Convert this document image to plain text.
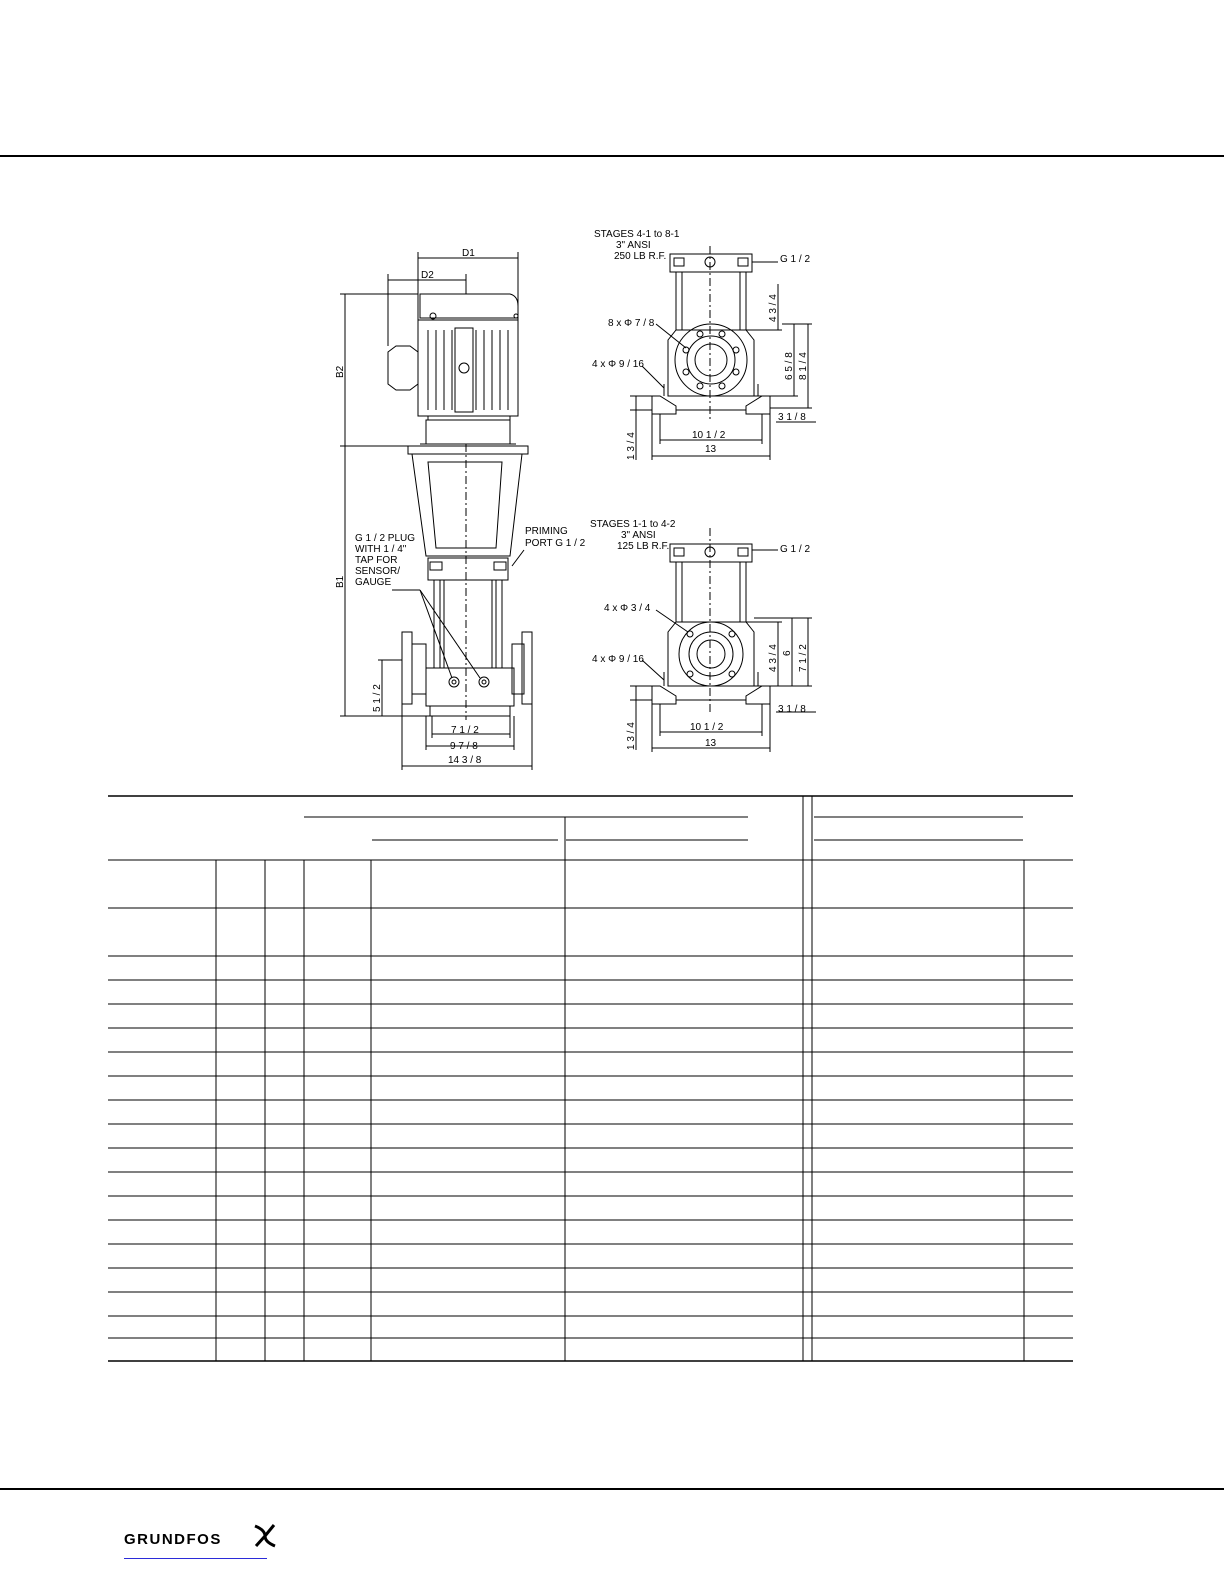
D1
D2
B2
B1
5 1 / 2
7 1 / 2
9 7 / 8
14 3 / 8
G 1 / 2 PLUG
WITH 1 / 4"
TAP FOR
SENSOR/
GAUGE
PRIMING
PORT G 1 / 2
STAGES 4-1 to 8-1
3" ANSI
250 LB R.F.	G 1 / 2
8 x Φ 7 / 8
4 x Φ 9 / 16
4 3 / 4
6 5 / 8 8 1 / 4
1 3 / 4	10 1 / 2
13
3 1 / 8
STAGES 1-1 to 4-2
3" ANSI
125 LB R.F.	G 1 / 2
4 x Φ 3 / 4
4 x Φ 9 / 16	4 3 / 4 6 7 1 / 2
1 3 / 4	10 1 / 2
13
3 1 / 8
GRUNDFOS
